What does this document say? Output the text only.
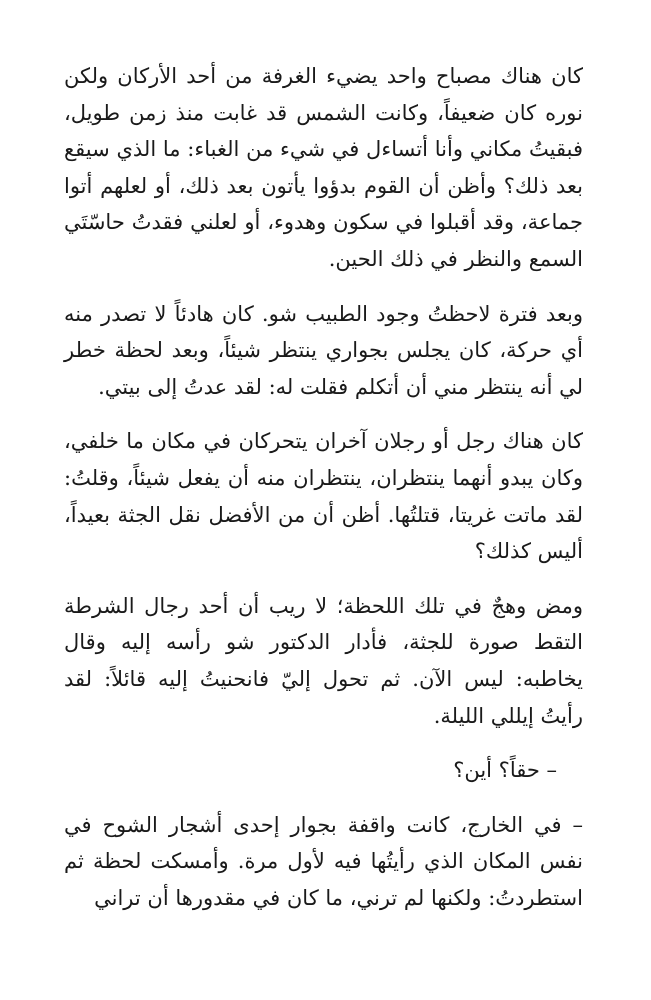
كان هناك مصباح واحد يضيء الغرفة من أحد الأركان ولكن نوره كان ضعيفاً، وكانت الشمس قد غابت منذ زمن طويل، فبقيتُ مكاني وأنا أتساءل في شيء من الغباء: ما الذي سيقع بعد ذلك؟ وأظن أن القوم بدؤوا يأتون بعد ذلك، أو لعلهم أتوا جماعة، وقد أقبلوا في سكون وهدوء، أو لعلني فقدتُ حاسّتَي السمع والنظر في ذلك الحين.

وبعد فترة لاحظتُ وجود الطبيب شو. كان هادئاً لا تصدر منه أي حركة، كان يجلس بجواري ينتظر شيئاً، وبعد لحظة خطر لي أنه ينتظر مني أن أتكلم فقلت له: لقد عدتُ إلى بيتي.

كان هناك رجل أو رجلان آخران يتحركان في مكان ما خلفي، وكان يبدو أنهما ينتظران، ينتظران منه أن يفعل شيئاً، وقلتُ: لقد ماتت غريتا، قتلتُها. أظن أن من الأفضل نقل الجثة بعيداً، أليس كذلك؟

ومض وهجٌ في تلك اللحظة؛ لا ريب أن أحد رجال الشرطة التقط صورة للجثة، فأدار الدكتور شو رأسه إليه وقال يخاطبه: ليس الآن. ثم تحول إليّ فانحنيتُ إليه قائلاً: لقد رأيتُ إيللي الليلة.

– حقاً؟ أين؟

– في الخارج، كانت واقفة بجوار إحدى أشجار الشوح في نفس المكان الذي رأيتُها فيه لأول مرة. وأمسكت لحظة ثم استطردتُ: ولكنها لم ترني، ما كان في مقدورها أن تراني
